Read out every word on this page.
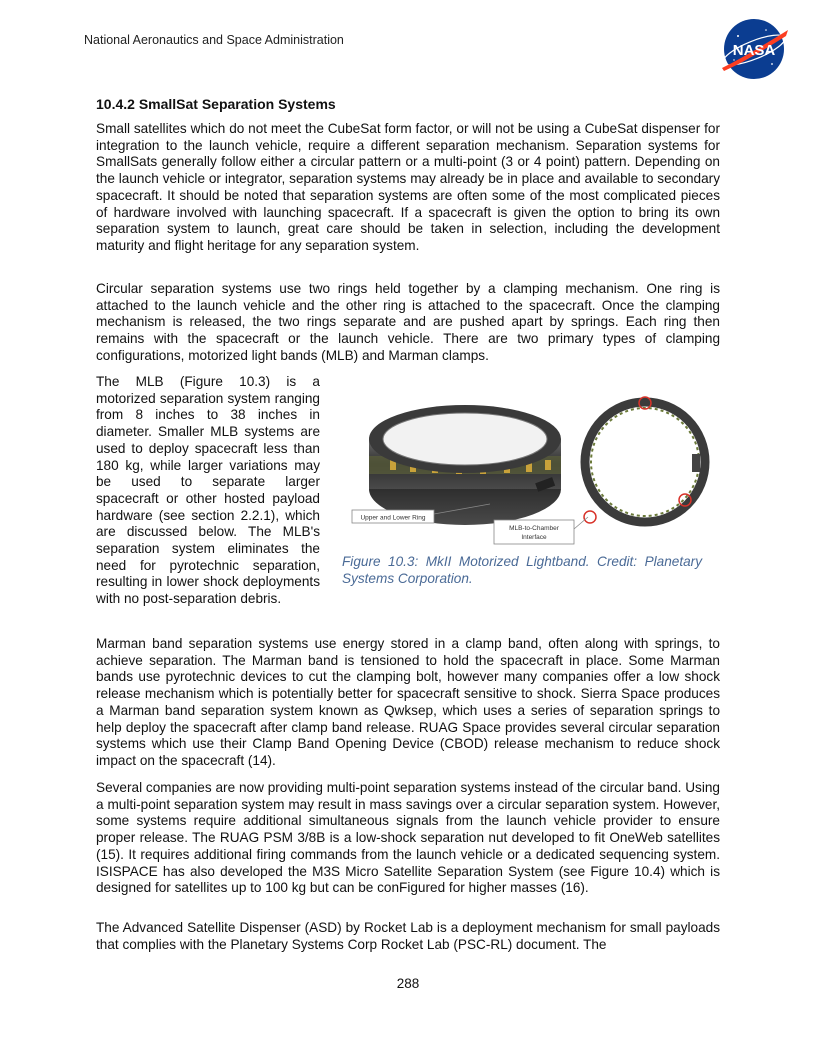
National Aeronautics and Space Administration
NASA
10.4.2 SmallSat Separation Systems

Small satellites which do not meet the CubeSat form factor, or will not be using a CubeSat dispenser for integration to the launch vehicle, require a different separation mechanism. Separation systems for SmallSats generally follow either a circular pattern or a multi-point (3 or 4 point) pattern. Depending on the launch vehicle or integrator, separation systems may already be in place and available to secondary spacecraft. It should be noted that separation systems are often some of the most complicated pieces of hardware involved with launching spacecraft. If a spacecraft is given the option to bring its own separation system to launch, great care should be taken in selection, including the development maturity and flight heritage for any separation system.

Circular separation systems use two rings held together by a clamping mechanism. One ring is attached to the launch vehicle and the other ring is attached to the spacecraft. Once the clamping mechanism is released, the two rings separate and are pushed apart by springs. Each ring then remains with the spacecraft or the launch vehicle. There are two primary types of clamping configurations, motorized light bands (MLB) and Marman clamps.

The MLB (Figure 10.3) is a motorized separation system ranging from 8 inches to 38 inches in diameter. Smaller MLB systems are used to deploy spacecraft less than 180 kg, while larger variations may be used to separate larger spacecraft or other hosted payload hardware (see section 2.2.1), which are discussed below. The MLB's separation system eliminates the need for pyrotechnic separation, resulting in lower shock deployments with no post-separation debris.

Upper and Lower Ring
MLB-to-Chamber
Interface

Figure 10.3: MkII Motorized Lightband. Credit: Planetary Systems Corporation.

Marman band separation systems use energy stored in a clamp band, often along with springs, to achieve separation. The Marman band is tensioned to hold the spacecraft in place. Some Marman bands use pyrotechnic devices to cut the clamping bolt, however many companies offer a low shock release mechanism which is potentially better for spacecraft sensitive to shock. Sierra Space produces a Marman band separation system known as Qwksep, which uses a series of separation springs to help deploy the spacecraft after clamp band release. RUAG Space provides several circular separation systems which use their Clamp Band Opening Device (CBOD) release mechanism to reduce shock impact on the spacecraft (14).

Several companies are now providing multi-point separation systems instead of the circular band. Using a multi-point separation system may result in mass savings over a circular separation system. However, some systems require additional simultaneous signals from the launch vehicle provider to ensure proper release. The RUAG PSM 3/8B is a low-shock separation nut developed to fit OneWeb satellites (15). It requires additional firing commands from the launch vehicle or a dedicated sequencing system. ISISPACE has also developed the M3S Micro Satellite Separation System (see Figure 10.4) which is designed for satellites up to 100 kg but can be conFigured for higher masses (16).

The Advanced Satellite Dispenser (ASD) by Rocket Lab is a deployment mechanism for small payloads that complies with the Planetary Systems Corp Rocket Lab (PSC-RL) document. The

288
